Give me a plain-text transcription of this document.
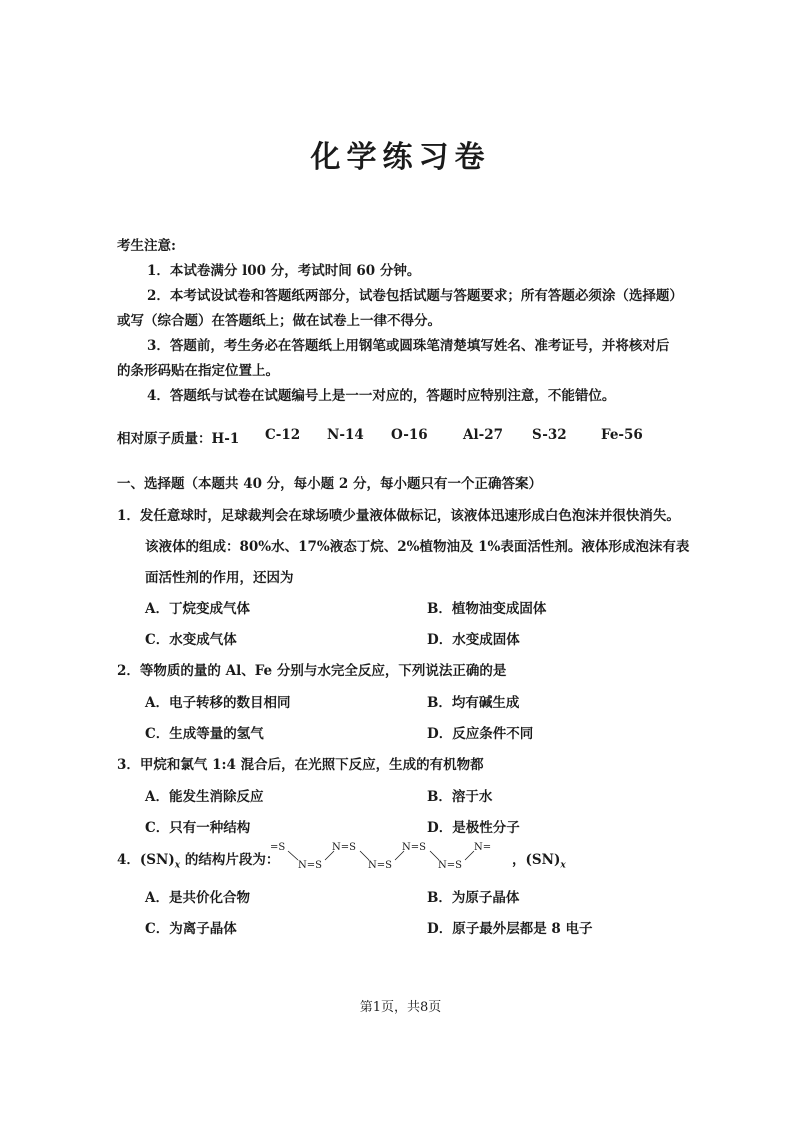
化学练习卷
考生注意:
1．本试卷满分 l00 分，考试时间 60 分钟。
2．本考试设试卷和答题纸两部分，试卷包括试题与答题要求；所有答题必须涂（选择题）
或写（综合题）在答题纸上；做在试卷上一律不得分。
3．答题前，考生务必在答题纸上用钢笔或圆珠笔清楚填写姓名、准考证号，并将核对后
的条形码贴在指定位置上。
4．答题纸与试卷在试题编号上是一一对应的，答题时应特别注意，不能错位。
相对原子质量：H-1 C-12 N-14 O-16	Al-27 S-32	Fe-56
一、选择题（本题共 40 分，每小题 2 分，每小题只有一个正确答案）
1．发任意球时，足球裁判会在球场喷少量液体做标记，该液体迅速形成白色泡沫并很快消失。
该液体的组成：80%水、17%液态丁烷、2%植物油及 1%表面活性剂。液体形成泡沫有表
面活性剂的作用，还因为
A．丁烷变成气体	B．植物油变成固体
C．水变成气体	D．水变成固体
2．等物质的量的 Al、Fe 分别与水完全反应，下列说法正确的是
A．电子转移的数目相同	B．均有碱生成
C．生成等量的氢气	D．反应条件不同
3．甲烷和氯气 1:4 混合后，在光照下反应，生成的有机物都
A．能发生消除反应	B．溶于水
C．只有一种结构	D．是极性分子
4．$(SN)_x$ 的结构片段为：
=S
N=S
N=S
N=S
N=S
N=S
N=
，$(SN)_x$
A．是共价化合物	B．为原子晶体
C．为离子晶体	D．原子最外层都是 8 电子
第1页，共8页
